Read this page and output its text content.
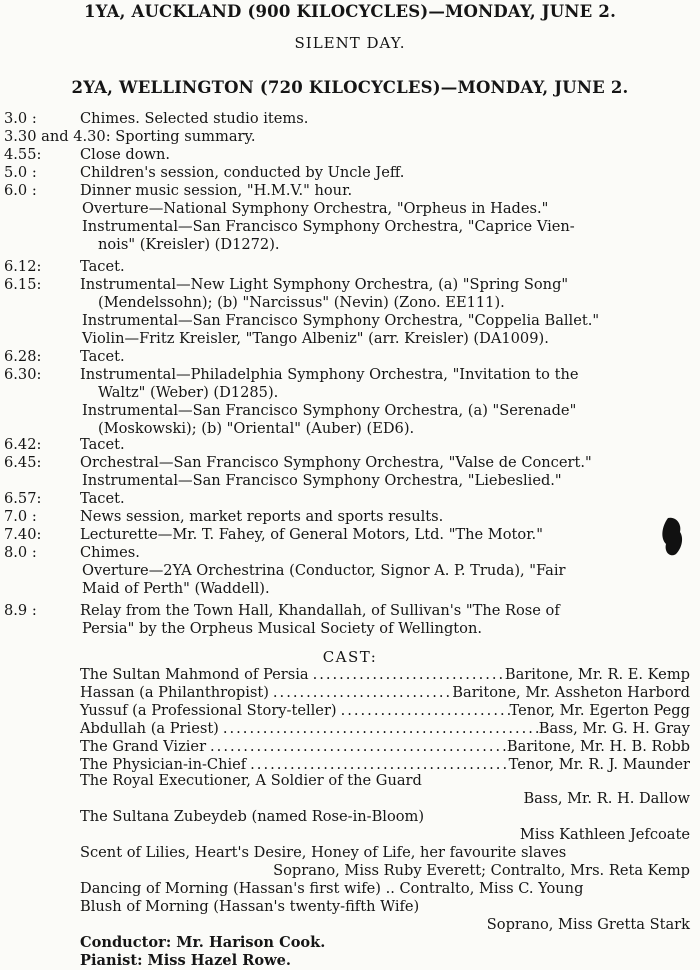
1YA, AUCKLAND (900 KILOCYCLES)—MONDAY, JUNE 2.
SILENT DAY.
2YA, WELLINGTON (720 KILOCYCLES)—MONDAY, JUNE 2.
3.0 :	Chimes. Selected studio items.
3.30 and 4.30: Sporting summary.
4.55:	Close down.
5.0 :	Children's session, conducted by Uncle Jeff.
6.0 :	Dinner music session, "H.M.V." hour.
Overture—National Symphony Orchestra, "Orpheus in Hades."
Instrumental—San Francisco Symphony Orchestra, "Caprice Vien-
nois" (Kreisler) (D1272).
6.12:	Tacet.
6.15:	Instrumental—New Light Symphony Orchestra, (a) "Spring Song"
(Mendelssohn); (b) "Narcissus" (Nevin) (Zono. EE111).
Instrumental—San Francisco Symphony Orchestra, "Coppelia Ballet."
Violin—Fritz Kreisler, "Tango Albeniz" (arr. Kreisler) (DA1009).
6.28:	Tacet.
6.30:	Instrumental—Philadelphia Symphony Orchestra, "Invitation to the
Waltz" (Weber) (D1285).
Instrumental—San Francisco Symphony Orchestra, (a) "Serenade"
(Moskowski); (b) "Oriental" (Auber) (ED6).
6.42:	Tacet.
6.45:	Orchestral—San Francisco Symphony Orchestra, "Valse de Concert."
Instrumental—San Francisco Symphony Orchestra, "Liebeslied."
6.57:	Tacet.
7.0 :	News session, market reports and sports results.
7.40:	Lecturette—Mr. T. Fahey, of General Motors, Ltd. "The Motor."
8.0 :	Chimes.
Overture—2YA Orchestrina (Conductor, Signor A. P. Truda), "Fair
Maid of Perth" (Waddell).
8.9 :	Relay from the Town Hall, Khandallah, of Sullivan's "The Rose of
Persia" by the Orpheus Musical Society of Wellington.
CAST:
The Sultan Mahmond of Persia .....	Baritone, Mr. R. E. Kemp
Hassan (a Philanthropist) .....	Baritone, Mr. Assheton Harbord
Yussuf (a Professional Story-teller) .....	Tenor, Mr. Egerton Pegg
Abdullah (a Priest) .....	Bass, Mr. G. H. Gray
The Grand Vizier .....	Baritone, Mr. H. B. Robb
The Physician-in-Chief .....	Tenor, Mr. R. J. Maunder
The Royal Executioner, A Soldier of the Guard
Bass, Mr. R. H. Dallow
The Sultana Zubeydeb (named Rose-in-Bloom)
Miss Kathleen Jefcoate
Scent of Lilies, Heart's Desire, Honey of Life, her favourite slaves
Soprano, Miss Ruby Everett; Contralto, Mrs. Reta Kemp
Dancing of Morning (Hassan's first wife) .. Contralto, Miss C. Young
Blush of Morning (Hassan's twenty-fifth Wife)
Soprano, Miss Gretta Stark
Conductor: Mr. Harison Cook.
Pianist: Miss Hazel Rowe.
